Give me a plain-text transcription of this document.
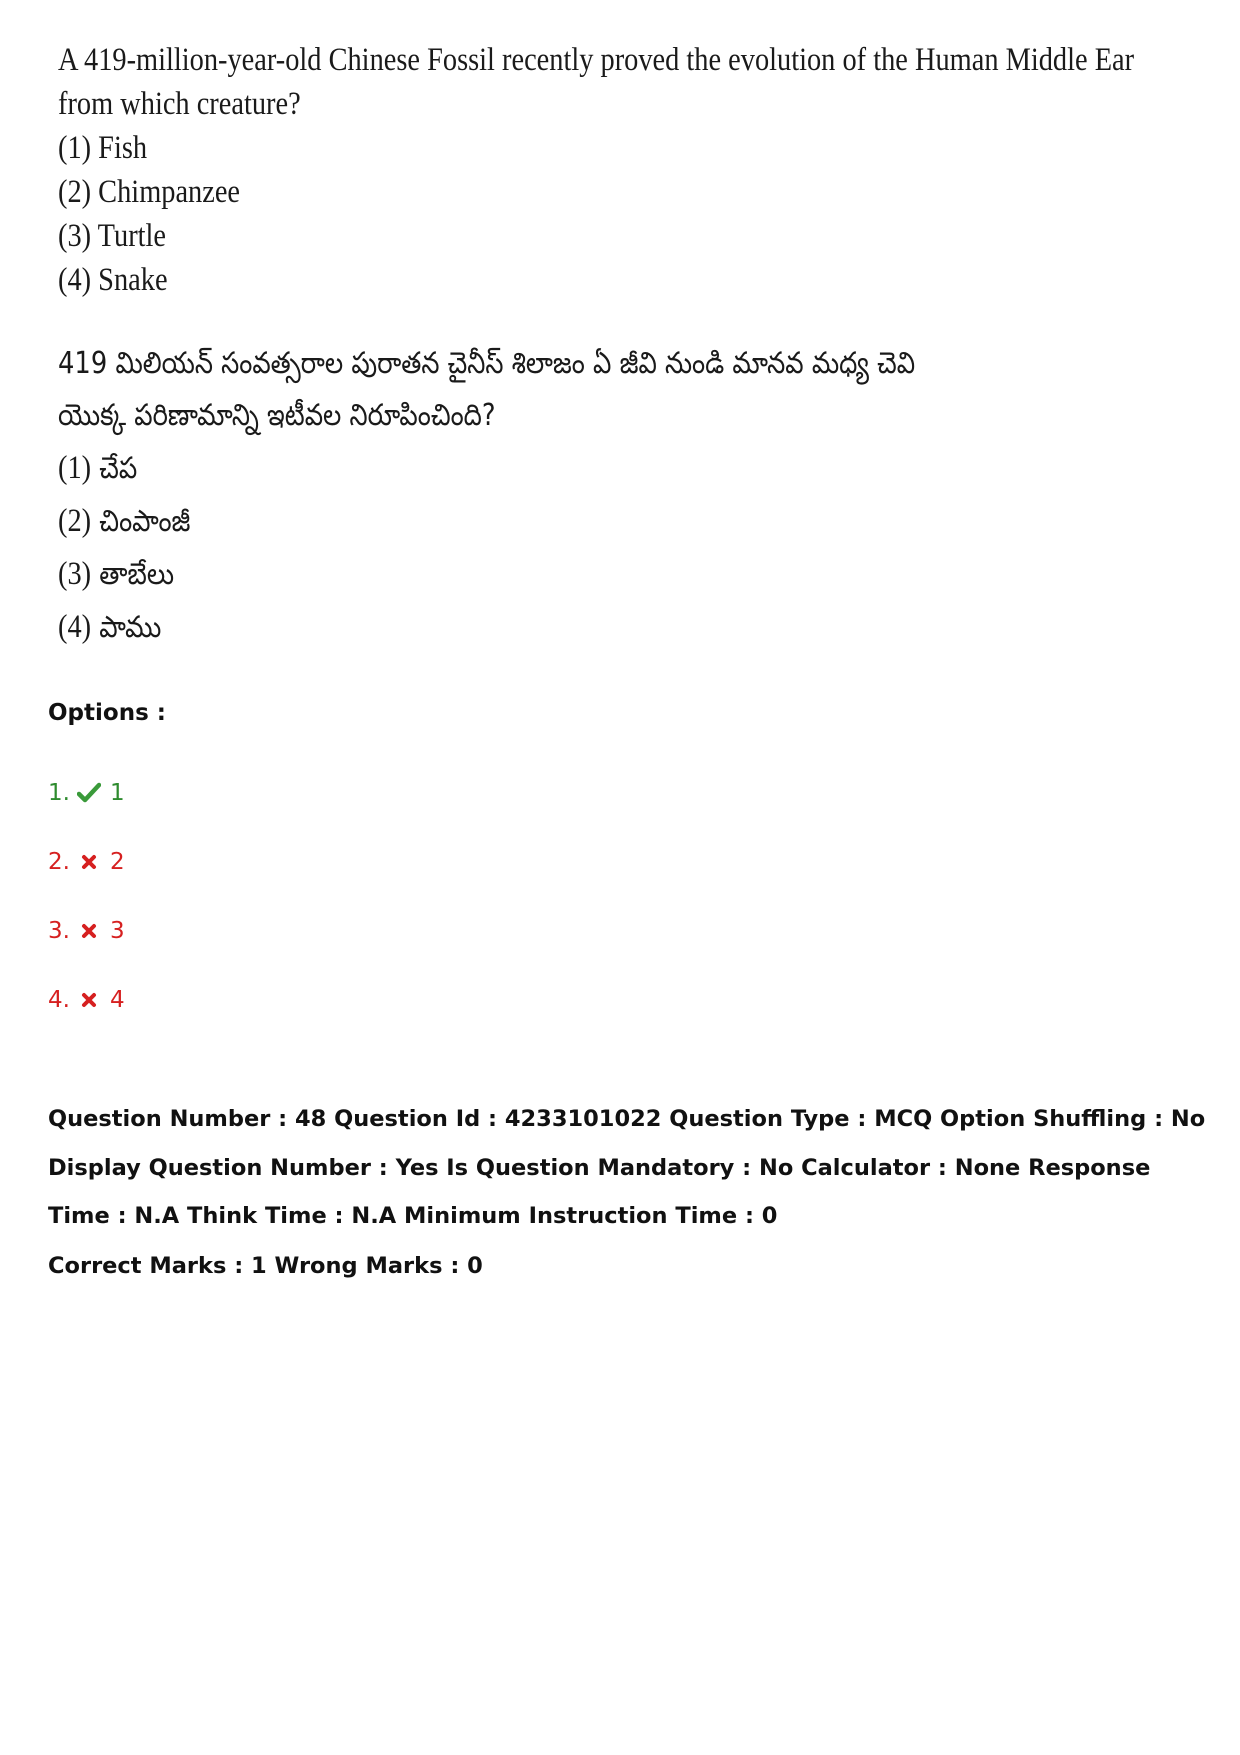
A 419-million-year-old Chinese Fossil recently proved the evolution of the Human Middle Ear
from which creature?
(1) Fish
(2) Chimpanzee
(3) Turtle
(4) Snake
419 మిలియన్ సంవత్సరాల పురాతన చైనీస్ శిలాజం ఏ జీవి నుండి మానవ మధ్య చెవి
యొక్క పరిణామాన్ని ఇటీవల నిరూపించింది?
(1) చేప
(2) చింపాంజీ
(3) తాబేలు
(4) పాము
Options :
1. 1
2. 2
3. 3
4. 4
Question Number : 48 Question Id : 4233101022 Question Type : MCQ Option Shuffling : No Display Question Number : Yes Is Question Mandatory : No Calculator : None Response Time : N.A Think Time : N.A Minimum Instruction Time : 0
Correct Marks : 1 Wrong Marks : 0
